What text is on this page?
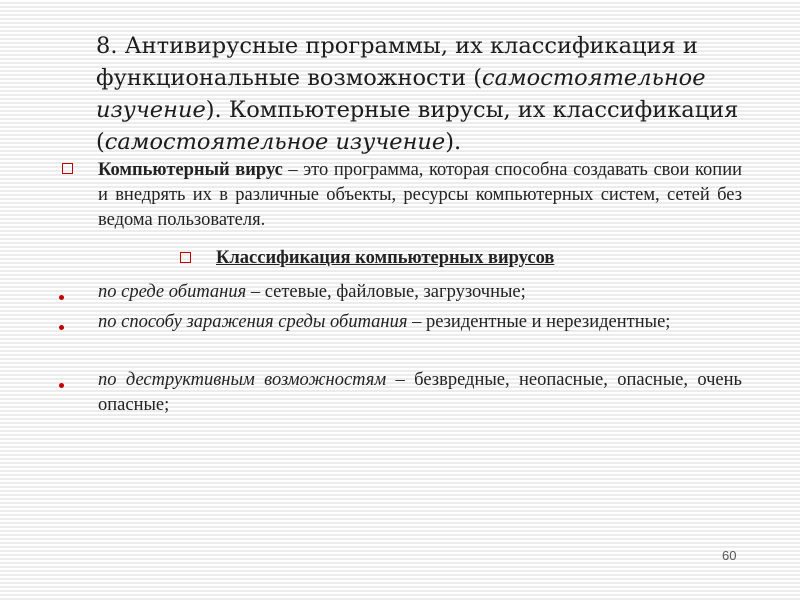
8. Антивирусные программы, их классификация и функциональные возможности (самостоятельное изучение). Компьютерные вирусы, их классификация (самостоятельное изучение).
Компьютерный вирус – это программа, которая способна создавать свои копии и внедрять их в различные объекты, ресурсы компьютерных систем, сетей без ведома пользователя.
Классификация компьютерных вирусов
по среде обитания – сетевые, файловые, загрузочные;
по способу заражения среды обитания – резидентные и нерезидентные;
по деструктивным возможностям – безвредные, неопасные, опасные, очень опасные;
60
